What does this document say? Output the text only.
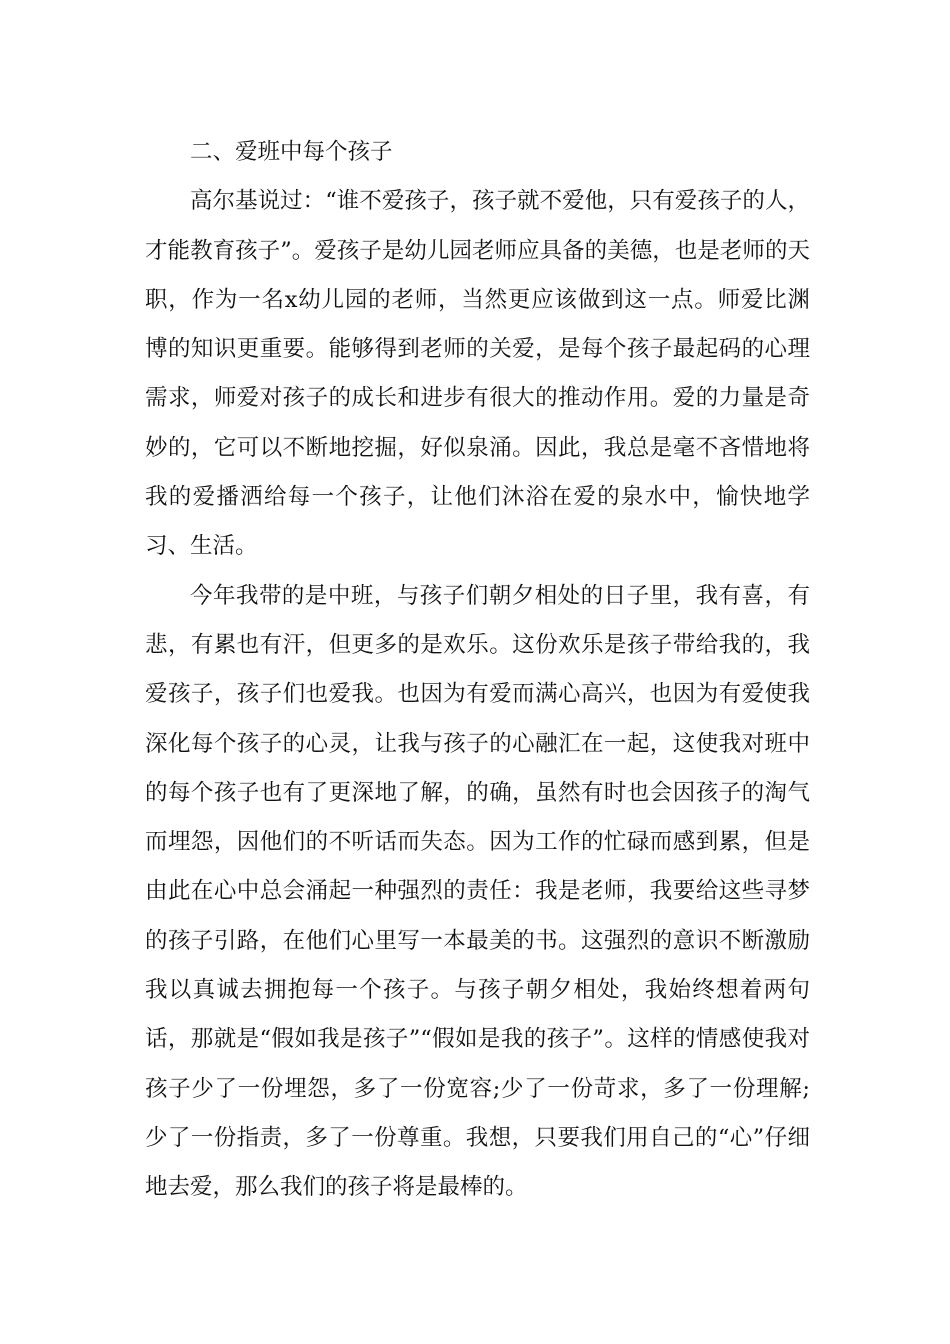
二、爱班中每个孩子

高尔基说过：“谁不爱孩子，孩子就不爱他，只有爱孩子的人，才能教育孩子”。爱孩子是幼儿园老师应具备的美德，也是老师的天职，作为一名x幼儿园的老师，当然更应该做到这一点。师爱比渊博的知识更重要。能够得到老师的关爱，是每个孩子最起码的心理需求，师爱对孩子的成长和进步有很大的推动作用。爱的力量是奇妙的，它可以不断地挖掘，好似泉涌。因此，我总是毫不吝惜地将我的爱播洒给每一个孩子，让他们沐浴在爱的泉水中，愉快地学习、生活。

今年我带的是中班，与孩子们朝夕相处的日子里，我有喜，有悲，有累也有汗，但更多的是欢乐。这份欢乐是孩子带给我的，我爱孩子，孩子们也爱我。也因为有爱而满心高兴，也因为有爱使我深化每个孩子的心灵，让我与孩子的心融汇在一起，这使我对班中的每个孩子也有了更深地了解，的确，虽然有时也会因孩子的淘气而埋怨，因他们的不听话而失态。因为工作的忙碌而感到累，但是由此在心中总会涌起一种强烈的责任：我是老师，我要给这些寻梦的孩子引路，在他们心里写一本最美的书。这强烈的意识不断激励我以真诚去拥抱每一个孩子。与孩子朝夕相处，我始终想着两句话，那就是“假如我是孩子”“假如是我的孩子”。这样的情感使我对孩子少了一份埋怨，多了一份宽容;少了一份苛求，多了一份理解;少了一份指责，多了一份尊重。我想，只要我们用自己的“心”仔细地去爱，那么我们的孩子将是最棒的。
